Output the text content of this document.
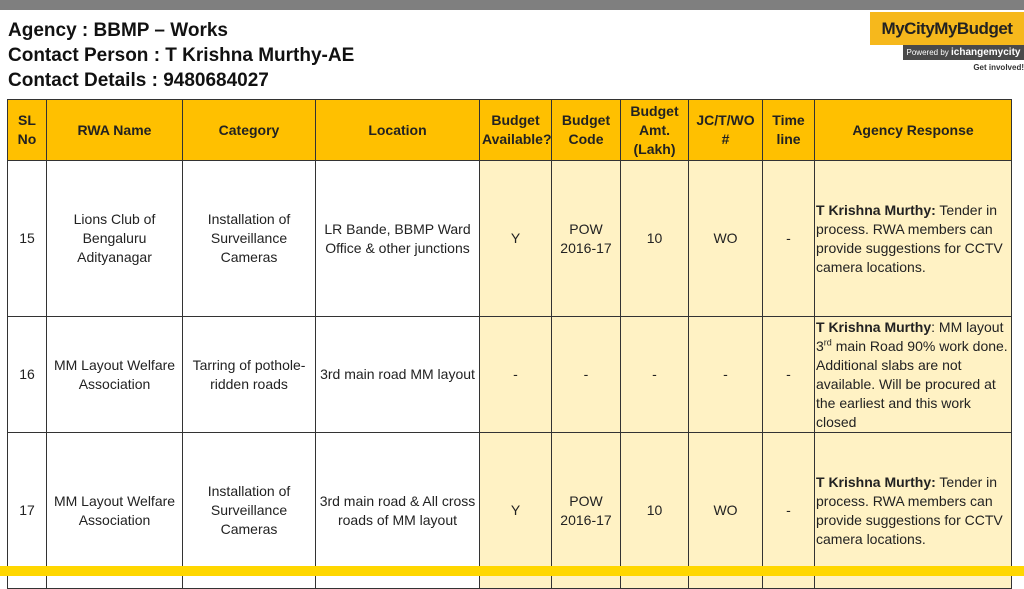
Agency : BBMP – Works
Contact Person : T Krishna Murthy-AE
Contact Details : 9480684027
MyCityMyBudget
Powered by ichangemycity
Get involved!
SL No	RWA Name	Category	Location	Budget Available?	Budget Code	Budget Amt. (Lakh)	JC/T/WO #	Time line	Agency Response
15	Lions Club of Bengaluru Adityanagar	Installation of Surveillance Cameras	LR Bande, BBMP Ward Office & other junctions	Y	POW 2016-17	10	WO	-	T Krishna Murthy: Tender in process. RWA members can provide suggestions for CCTV camera locations.
16	MM Layout Welfare Association	Tarring of pothole-ridden roads	3rd main road MM layout	-	-	-	-	-	T Krishna Murthy: MM layout 3rd main Road 90% work done. Additional slabs are not available. Will be procured at the earliest and this work closed
17	MM Layout Welfare Association	Installation of Surveillance Cameras	3rd main road & All cross roads of MM layout	Y	POW 2016-17	10	WO	-	T Krishna Murthy: Tender in process. RWA members can provide suggestions for CCTV camera locations.
